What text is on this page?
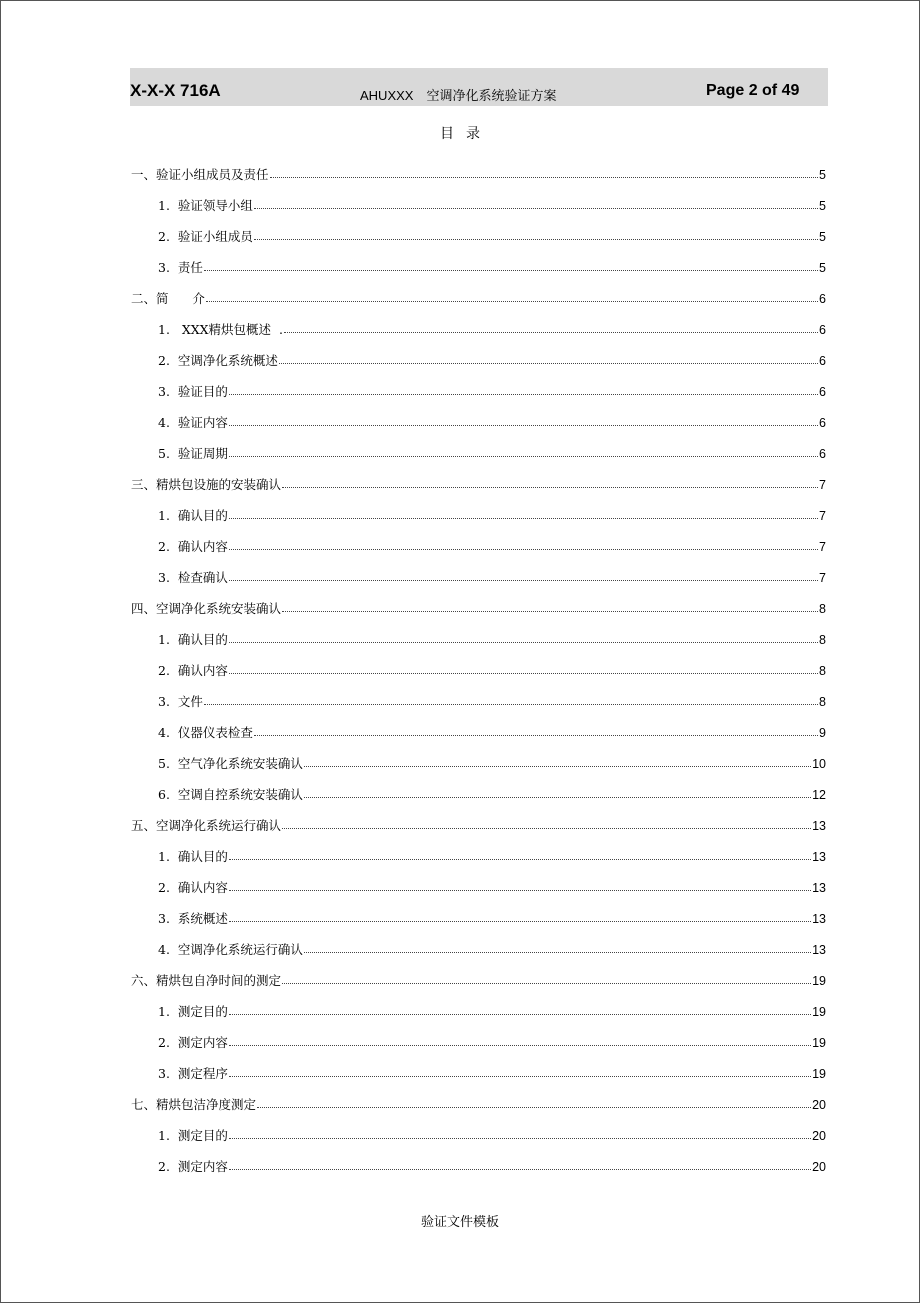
X-X-X 716A	AHUXXX　空调净化系统验证方案	Page 2 of 49
目录
一、验证小组成员及责任	5
1.  验证领导小组	5
2.  验证小组成员	5
3.  责任	5
二、简      介	6
1.   XXX精烘包概述  .	6
2.  空调净化系统概述	6
3.  验证目的	6
4.  验证内容	6
5.  验证周期	6
三、精烘包设施的安装确认	7
1.  确认目的	7
2.  确认内容	7
3.  检查确认	7
四、空调净化系统安装确认	8
1.  确认目的	8
2.  确认内容	8
3.  文件	8
4.  仪器仪表检查	9
5.  空气净化系统安装确认	10
6.  空调自控系统安装确认	12
五、空调净化系统运行确认	13
1.  确认目的	13
2.  确认内容	13
3.  系统概述	13
4.  空调净化系统运行确认	13
六、精烘包自净时间的测定	19
1.  测定目的	19
2.  测定内容	19
3.  测定程序	19
七、精烘包洁净度测定	20
1.  测定目的	20
2.  测定内容	20
验证文件模板
